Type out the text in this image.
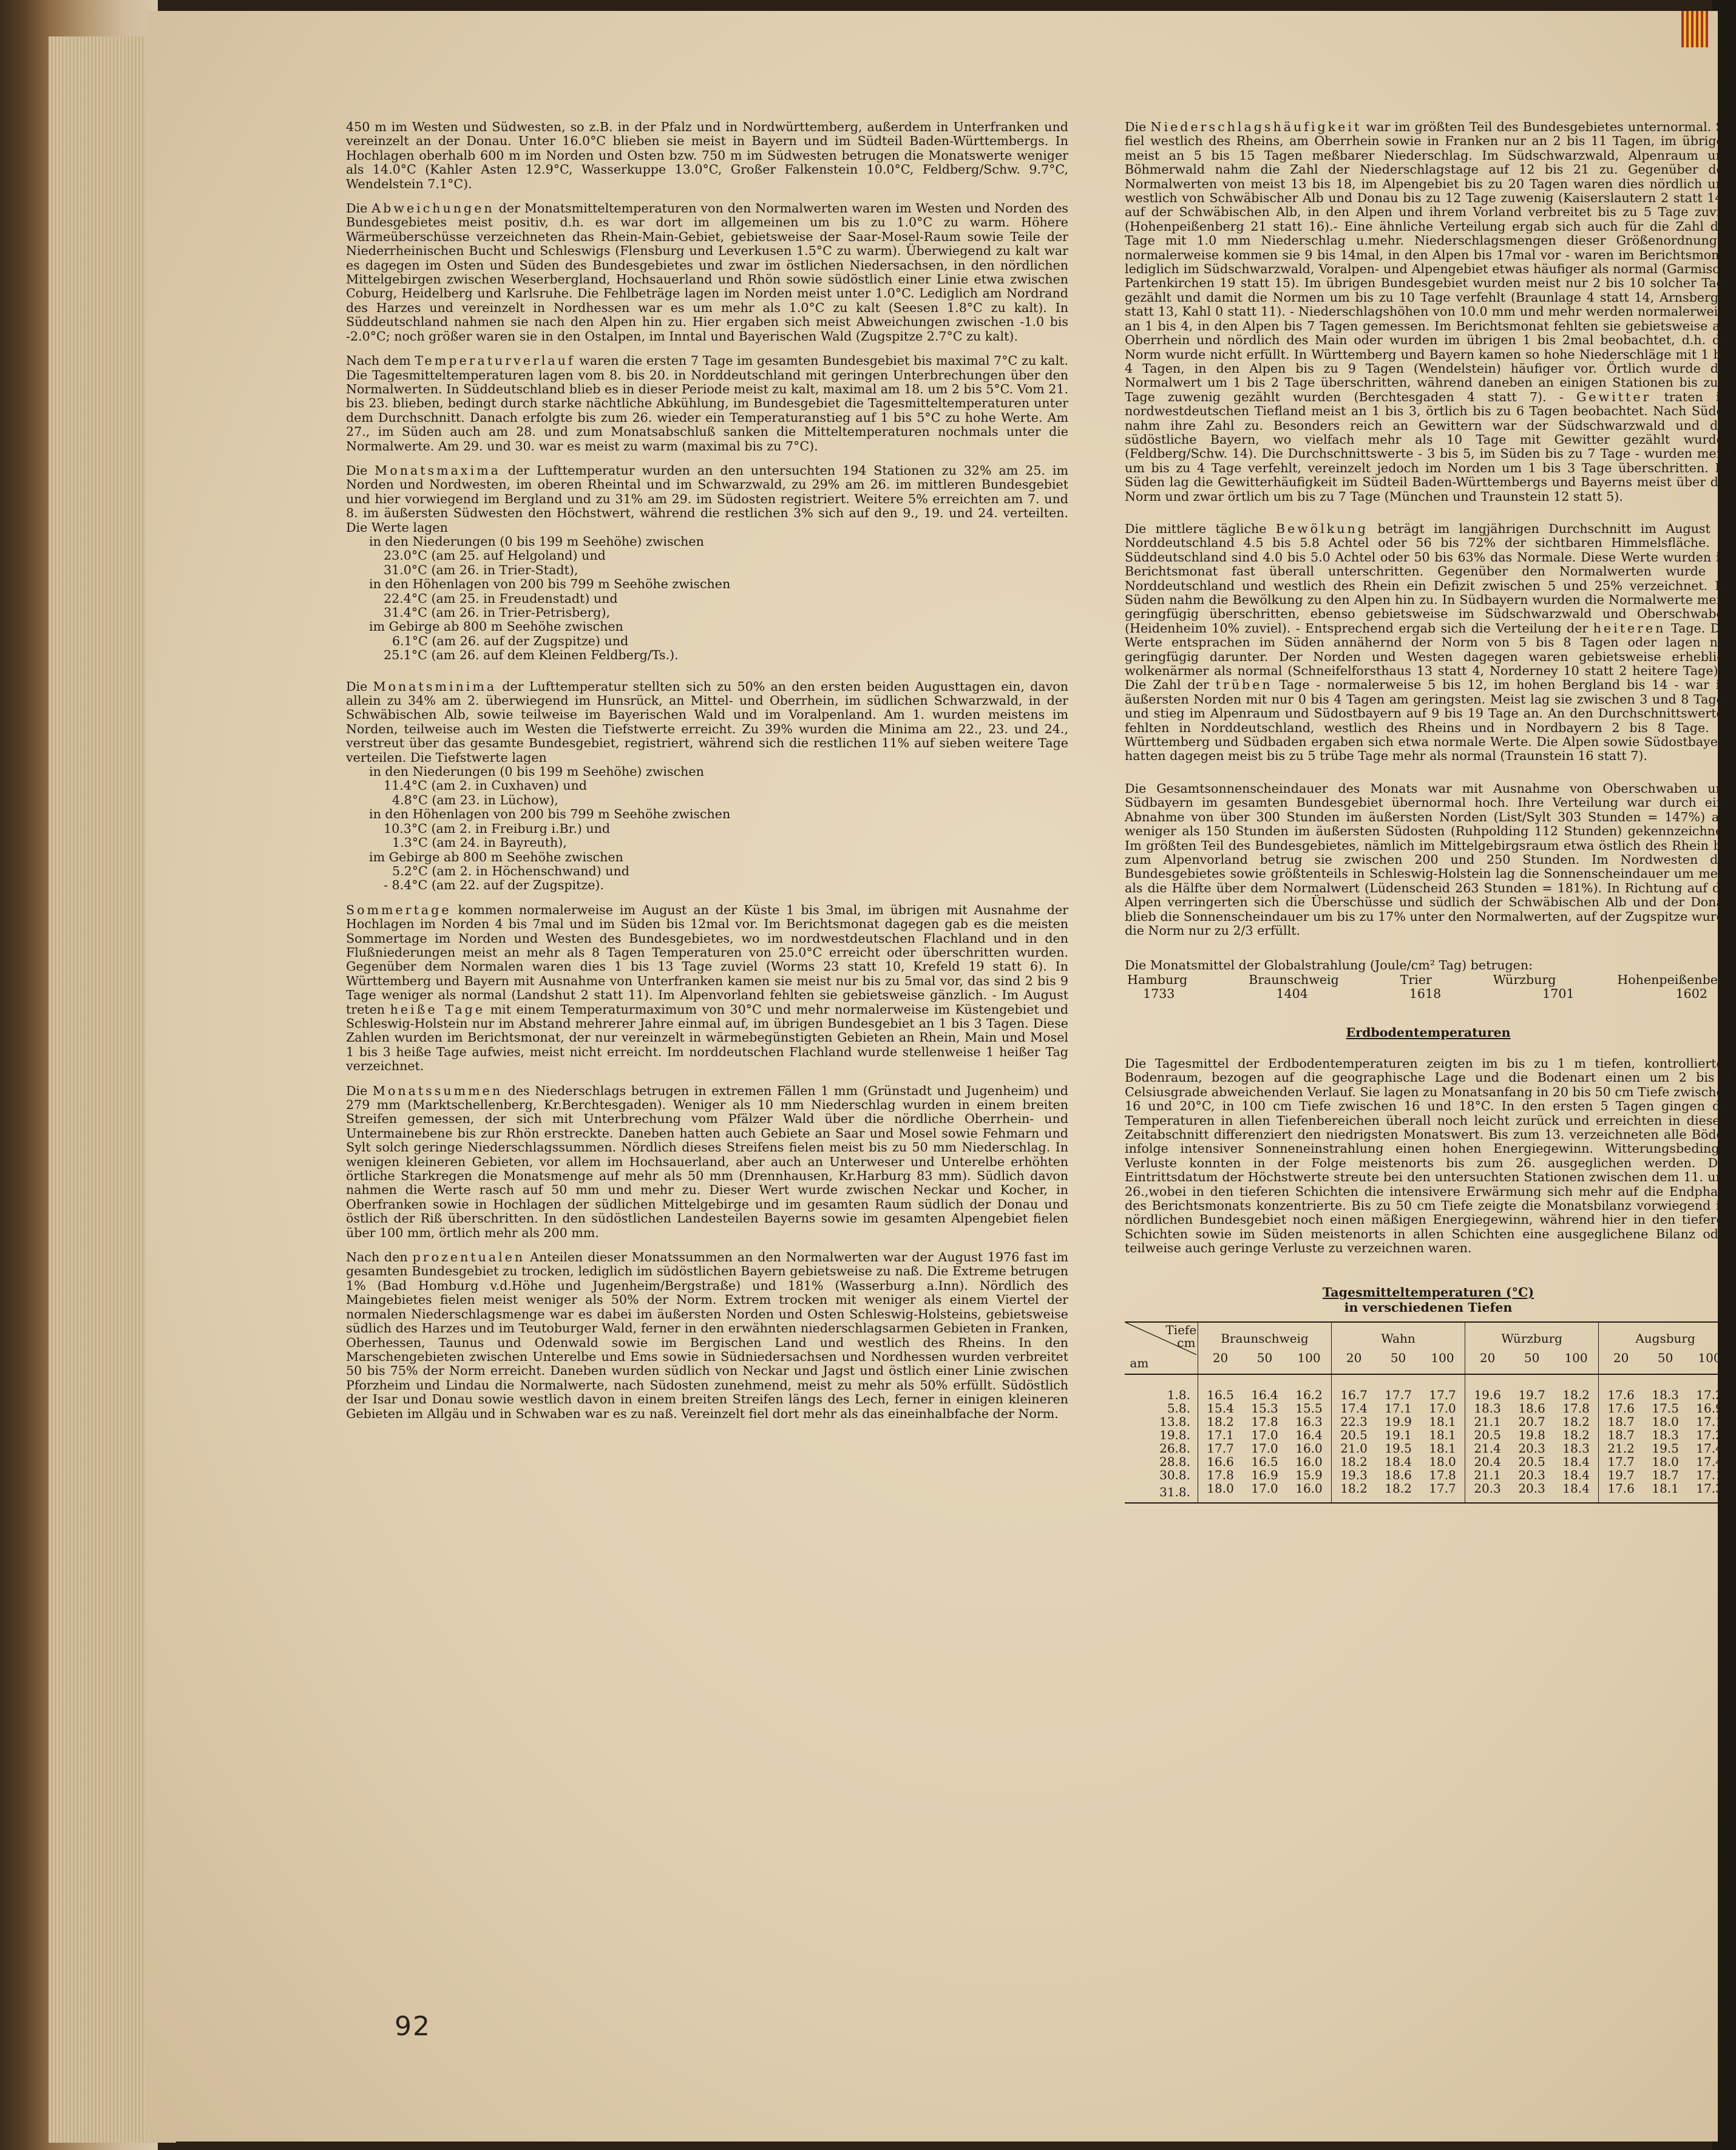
450 m im Westen und Südwesten, so z.B. in der Pfalz und in Nordwürttemberg, außerdem in Unterfranken und vereinzelt an der Donau. Unter 16.0°C blieben sie meist in Bayern und im Südteil Baden-Württembergs. In Hochlagen oberhalb 600 m im Norden und Osten bzw. 750 m im Südwesten betrugen die Monatswerte weniger als 14.0°C (Kahler Asten 12.9°C, Wasserkuppe 13.0°C, Großer Falkenstein 10.0°C, Feldberg/Schw. 9.7°C, Wendelstein 7.1°C).

Die Abweichungen der Monatsmitteltemperaturen von den Normalwerten waren im Westen und Norden des Bundesgebietes meist positiv, d.h. es war dort im allgemeinen um bis zu 1.0°C zu warm. Höhere Wärmeüberschüsse verzeichneten das Rhein-Main-Gebiet, gebietsweise der Saar-Mosel-Raum sowie Teile der Niederrheinischen Bucht und Schleswigs (Flensburg und Leverkusen 1.5°C zu warm). Überwiegend zu kalt war es dagegen im Osten und Süden des Bundesgebietes und zwar im östlichen Niedersachsen, in den nördlichen Mittelgebirgen zwischen Weserbergland, Hochsauerland und Rhön sowie südöstlich einer Linie etwa zwischen Coburg, Heidelberg und Karlsruhe. Die Fehlbeträge lagen im Norden meist unter 1.0°C. Lediglich am Nordrand des Harzes und vereinzelt in Nordhessen war es um mehr als 1.0°C zu kalt (Seesen 1.8°C zu kalt). In Süddeutschland nahmen sie nach den Alpen hin zu. Hier ergaben sich meist Abweichungen zwischen -1.0 bis -2.0°C; noch größer waren sie in den Ostalpen, im Inntal und Bayerischen Wald (Zugspitze 2.7°C zu kalt).

Nach dem Temperaturverlauf waren die ersten 7 Tage im gesamten Bundesgebiet bis maximal 7°C zu kalt. Die Tagesmitteltemperaturen lagen vom 8. bis 20. in Norddeutschland mit geringen Unterbrechungen über den Normalwerten. In Süddeutschland blieb es in dieser Periode meist zu kalt, maximal am 18. um 2 bis 5°C. Vom 21. bis 23. blieben, bedingt durch starke nächtliche Abkühlung, im Bundesgebiet die Tagesmitteltemperaturen unter dem Durchschnitt. Danach erfolgte bis zum 26. wieder ein Temperaturanstieg auf 1 bis 5°C zu hohe Werte. Am 27., im Süden auch am 28. und zum Monatsabschluß sanken die Mitteltemperaturen nochmals unter die Normalwerte. Am 29. und 30. war es meist zu warm (maximal bis zu 7°C).

Die Monatsmaxima der Lufttemperatur wurden an den untersuchten 194 Stationen zu 32% am 25. im Norden und Nordwesten, im oberen Rheintal und im Schwarzwald, zu 29% am 26. im mittleren Bundesgebiet und hier vorwiegend im Bergland und zu 31% am 29. im Südosten registriert. Weitere 5% erreichten am 7. und 8. im äußersten Südwesten den Höchstwert, während die restlichen 3% sich auf den 9., 19. und 24. verteilten. Die Werte lagen
in den Niederungen (0 bis 199 m Seehöhe) zwischen
23.0°C (am 25. auf Helgoland) und
31.0°C (am 26. in Trier-Stadt),
in den Höhenlagen von 200 bis 799 m Seehöhe zwischen
22.4°C (am 25. in Freudenstadt) und
31.4°C (am 26. in Trier-Petrisberg),
im Gebirge ab 800 m Seehöhe zwischen
6.1°C (am 26. auf der Zugspitze) und
25.1°C (am 26. auf dem Kleinen Feldberg/Ts.).

Die Monatsminima der Lufttemperatur stellten sich zu 50% an den ersten beiden Augusttagen ein, davon allein zu 34% am 2. überwiegend im Hunsrück, an Mittel- und Oberrhein, im südlichen Schwarzwald, in der Schwäbischen Alb, sowie teilweise im Bayerischen Wald und im Voralpenland. Am 1. wurden meistens im Norden, teilweise auch im Westen die Tiefstwerte erreicht. Zu 39% wurden die Minima am 22., 23. und 24., verstreut über das gesamte Bundesgebiet, registriert, während sich die restlichen 11% auf sieben weitere Tage verteilen. Die Tiefstwerte lagen
in den Niederungen (0 bis 199 m Seehöhe) zwischen
11.4°C (am 2. in Cuxhaven) und
4.8°C (am 23. in Lüchow),
in den Höhenlagen von 200 bis 799 m Seehöhe zwischen
10.3°C (am 2. in Freiburg i.Br.) und
1.3°C (am 24. in Bayreuth),
im Gebirge ab 800 m Seehöhe zwischen
5.2°C (am 2. in Höchenschwand) und
- 8.4°C (am 22. auf der Zugspitze).

Sommertage kommen normalerweise im August an der Küste 1 bis 3mal, im übrigen mit Ausnahme der Hochlagen im Norden 4 bis 7mal und im Süden bis 12mal vor. Im Berichtsmonat dagegen gab es die meisten Sommertage im Norden und Westen des Bundesgebietes, wo im nordwestdeutschen Flachland und in den Flußniederungen meist an mehr als 8 Tagen Temperaturen von 25.0°C erreicht oder überschritten wurden. Gegenüber dem Normalen waren dies 1 bis 13 Tage zuviel (Worms 23 statt 10, Krefeld 19 statt 6). In Württemberg und Bayern mit Ausnahme von Unterfranken kamen sie meist nur bis zu 5mal vor, das sind 2 bis 9 Tage weniger als normal (Landshut 2 statt 11). Im Alpenvorland fehlten sie gebietsweise gänzlich. - Im August treten heiße Tage mit einem Temperaturmaximum von 30°C und mehr normalerweise im Küstengebiet und Schleswig-Holstein nur im Abstand mehrerer Jahre einmal auf, im übrigen Bundesgebiet an 1 bis 3 Tagen. Diese Zahlen wurden im Berichtsmonat, der nur vereinzelt in wärmebegünstigten Gebieten an Rhein, Main und Mosel 1 bis 3 heiße Tage aufwies, meist nicht erreicht. Im norddeutschen Flachland wurde stellenweise 1 heißer Tag verzeichnet.

Die Monatssummen des Niederschlags betrugen in extremen Fällen 1 mm (Grünstadt und Jugenheim) und 279 mm (Marktschellenberg, Kr.Berchtesgaden). Weniger als 10 mm Niederschlag wurden in einem breiten Streifen gemessen, der sich mit Unterbrechung vom Pfälzer Wald über die nördliche Oberrhein- und Untermainebene bis zur Rhön erstreckte. Daneben hatten auch Gebiete an Saar und Mosel sowie Fehmarn und Sylt solch geringe Niederschlagssummen. Nördlich dieses Streifens fielen meist bis zu 50 mm Niederschlag. In wenigen kleineren Gebieten, vor allem im Hochsauerland, aber auch an Unterweser und Unterelbe erhöhten örtliche Starkregen die Monatsmenge auf mehr als 50 mm (Drennhausen, Kr.Harburg 83 mm). Südlich davon nahmen die Werte rasch auf 50 mm und mehr zu. Dieser Wert wurde zwischen Neckar und Kocher, in Oberfranken sowie in Hochlagen der südlichen Mittelgebirge und im gesamten Raum südlich der Donau und östlich der Riß überschritten. In den südöstlichen Landesteilen Bayerns sowie im gesamten Alpengebiet fielen über 100 mm, örtlich mehr als 200 mm.

Nach den prozentualen Anteilen dieser Monatssummen an den Normalwerten war der August 1976 fast im gesamten Bundesgebiet zu trocken, lediglich im südöstlichen Bayern gebietsweise zu naß. Die Extreme betrugen 1% (Bad Homburg v.d.Höhe und Jugenheim/Bergstraße) und 181% (Wasserburg a.Inn). Nördlich des Maingebietes fielen meist weniger als 50% der Norm. Extrem trocken mit weniger als einem Viertel der normalen Niederschlagsmenge war es dabei im äußersten Norden und Osten Schleswig-Holsteins, gebietsweise südlich des Harzes und im Teutoburger Wald, ferner in den erwähnten niederschlagsarmen Gebieten in Franken, Oberhessen, Taunus und Odenwald sowie im Bergischen Land und westlich des Rheins. In den Marschengebieten zwischen Unterelbe und Ems sowie in Südniedersachsen und Nordhessen wurden verbreitet 50 bis 75% der Norm erreicht. Daneben wurden südlich von Neckar und Jagst und östlich einer Linie zwischen Pforzheim und Lindau die Normalwerte, nach Südosten zunehmend, meist zu mehr als 50% erfüllt. Südöstlich der Isar und Donau sowie westlich davon in einem breiten Streifen längs des Lech, ferner in einigen kleineren Gebieten im Allgäu und in Schwaben war es zu naß. Vereinzelt fiel dort mehr als das eineinhalbfache der Norm.

Die Niederschlagshäufigkeit war im größten Teil des Bundesgebietes unternormal. So fiel westlich des Rheins, am Oberrhein sowie in Franken nur an 2 bis 11 Tagen, im übrigen meist an 5 bis 15 Tagen meßbarer Niederschlag. Im Südschwarzwald, Alpenraum und Böhmerwald nahm die Zahl der Niederschlagstage auf 12 bis 21 zu. Gegenüber den Normalwerten von meist 13 bis 18, im Alpengebiet bis zu 20 Tagen waren dies nördlich und westlich von Schwäbischer Alb und Donau bis zu 12 Tage zuwenig (Kaiserslautern 2 statt 14), auf der Schwäbischen Alb, in den Alpen und ihrem Vorland verbreitet bis zu 5 Tage zuviel (Hohenpeißenberg 21 statt 16).- Eine ähnliche Verteilung ergab sich auch für die Zahl der Tage mit 1.0 mm Niederschlag u.mehr. Niederschlagsmengen dieser Größenordnung - normalerweise kommen sie 9 bis 14mal, in den Alpen bis 17mal vor - waren im Berichtsmonat lediglich im Südschwarzwald, Voralpen- und Alpengebiet etwas häufiger als normal (Garmisch-Partenkirchen 19 statt 15). Im übrigen Bundesgebiet wurden meist nur 2 bis 10 solcher Tage gezählt und damit die Normen um bis zu 10 Tage verfehlt (Braunlage 4 statt 14, Arnsberg 3 statt 13, Kahl 0 statt 11). - Niederschlagshöhen von 10.0 mm und mehr werden normalerweise an 1 bis 4, in den Alpen bis 7 Tagen gemessen. Im Berichtsmonat fehlten sie gebietsweise am Oberrhein und nördlich des Main oder wurden im übrigen 1 bis 2mal beobachtet, d.h. die Norm wurde nicht erfüllt. In Württemberg und Bayern kamen so hohe Niederschläge mit 1 bis 4 Tagen, in den Alpen bis zu 9 Tagen (Wendelstein) häufiger vor. Örtlich wurde der Normalwert um 1 bis 2 Tage überschritten, während daneben an einigen Stationen bis zu 3 Tage zuwenig gezählt wurden (Berchtesgaden 4 statt 7). - Gewitter traten im nordwestdeutschen Tiefland meist an 1 bis 3, örtlich bis zu 6 Tagen beobachtet. Nach Süden nahm ihre Zahl zu. Besonders reich an Gewittern war der Südschwarzwald und das südöstliche Bayern, wo vielfach mehr als 10 Tage mit Gewitter gezählt wurden (Feldberg/Schw. 14). Die Durchschnittswerte - 3 bis 5, im Süden bis zu 7 Tage - wurden meist um bis zu 4 Tage verfehlt, vereinzelt jedoch im Norden um 1 bis 3 Tage überschritten. Im Süden lag die Gewitterhäufigkeit im Südteil Baden-Württembergs und Bayerns meist über der Norm und zwar örtlich um bis zu 7 Tage (München und Traunstein 12 statt 5).

Die mittlere tägliche Bewölkung beträgt im langjährigen Durchschnitt im August in Norddeutschland 4.5 bis 5.8 Achtel oder 56 bis 72% der sichtbaren Himmelsfläche. In Süddeutschland sind 4.0 bis 5.0 Achtel oder 50 bis 63% das Normale. Diese Werte wurden im Berichtsmonat fast überall unterschritten. Gegenüber den Normalwerten wurde in Norddeutschland und westlich des Rhein ein Defizit zwischen 5 und 25% verzeichnet. Im Süden nahm die Bewölkung zu den Alpen hin zu. In Südbayern wurden die Normalwerte meist geringfügig überschritten, ebenso gebietsweise im Südschwarzwald und Oberschwaben (Heidenheim 10% zuviel). - Entsprechend ergab sich die Verteilung der heiteren Tage. Die Werte entsprachen im Süden annähernd der Norm von 5 bis 8 Tagen oder lagen nur geringfügig darunter. Der Norden und Westen dagegen waren gebietsweise erheblich wolkenärmer als normal (Schneifelforsthaus 13 statt 4, Norderney 10 statt 2 heitere Tage). - Die Zahl der trüben Tage - normalerweise 5 bis 12, im hohen Bergland bis 14 - war im äußersten Norden mit nur 0 bis 4 Tagen am geringsten. Meist lag sie zwischen 3 und 8 Tagen und stieg im Alpenraum und Südostbayern auf 9 bis 19 Tage an. An den Durchschnittswerten fehlten in Norddeutschland, westlich des Rheins und in Nordbayern 2 bis 8 Tage. In Württemberg und Südbaden ergaben sich etwa normale Werte. Die Alpen sowie Südostbayern hatten dagegen meist bis zu 5 trübe Tage mehr als normal (Traunstein 16 statt 7).

Die Gesamtsonnenscheindauer des Monats war mit Ausnahme von Oberschwaben und Südbayern im gesamten Bundesgebiet übernormal hoch. Ihre Verteilung war durch eine Abnahme von über 300 Stunden im äußersten Norden (List/Sylt 303 Stunden = 147%) auf weniger als 150 Stunden im äußersten Südosten (Ruhpolding 112 Stunden) gekennzeichnet. Im größten Teil des Bundesgebietes, nämlich im Mittelgebirgsraum etwa östlich des Rhein bis zum Alpenvorland betrug sie zwischen 200 und 250 Stunden. Im Nordwesten des Bundesgebietes sowie größtenteils in Schleswig-Holstein lag die Sonnenscheindauer um mehr als die Hälfte über dem Normalwert (Lüdenscheid 263 Stunden = 181%). In Richtung auf die Alpen verringerten sich die Überschüsse und südlich der Schwäbischen Alb und der Donau blieb die Sonnenscheindauer um bis zu 17% unter den Normalwerten, auf der Zugspitze wurde die Norm nur zu 2/3 erfüllt.

Die Monatsmittel der Globalstrahlung (Joule/cm² Tag) betrugen:
Hamburg	Braunschweig	Trier	Würzburg	Hohenpeißenberg
1733	1404	1618	1701	1602
Erdbodentemperaturen

Die Tagesmittel der Erdbodentemperaturen zeigten im bis zu 1 m tiefen, kontrollierten Bodenraum, bezogen auf die geographische Lage und die Bodenart einen um 2 bis 4 Celsiusgrade abweichenden Verlauf. Sie lagen zu Monatsanfang in 20 bis 50 cm Tiefe zwischen 16 und 20°C, in 100 cm Tiefe zwischen 16 und 18°C. In den ersten 5 Tagen gingen die Temperaturen in allen Tiefenbereichen überall noch leicht zurück und erreichten in diesem Zeitabschnitt differenziert den niedrigsten Monatswert. Bis zum 13. verzeichneten alle Böden infolge intensiver Sonneneinstrahlung einen hohen Energiegewinn. Witterungsbedingte Verluste konnten in der Folge meistenorts bis zum 26. ausgeglichen werden. Das Eintrittsdatum der Höchstwerte streute bei den untersuchten Stationen zwischen dem 11. und 26.,wobei in den tieferen Schichten die intensivere Erwärmung sich mehr auf die Endphase des Berichtsmonats konzentrierte. Bis zu 50 cm Tiefe zeigte die Monatsbilanz vorwiegend im nördlichen Bundesgebiet noch einen mäßigen Energiegewinn, während hier in den tieferen Schichten sowie im Süden meistenorts in allen Schichten eine ausgeglichene Bilanz oder teilweise auch geringe Verluste zu verzeichnen waren.

Tagesmitteltemperaturen (°C)
in verschiedenen Tiefen
Tiefe
cm
am	Braunschweig			Wahn			Würzburg			Augsburg		
	20	50	100	20	50	100	20	50	100	20	50	100
1.8.	16.5	16.4	16.2	16.7	17.7	17.7	19.6	19.7	18.2	17.6	18.3	17.2
5.8.	15.4	15.3	15.5	17.4	17.1	17.0	18.3	18.6	17.8	17.6	17.5	16.9
13.8.	18.2	17.8	16.3	22.3	19.9	18.1	21.1	20.7	18.2	18.7	18.0	17.1
19.8.	17.1	17.0	16.4	20.5	19.1	18.1	20.5	19.8	18.2	18.7	18.3	17.2
26.8.	17.7	17.0	16.0	21.0	19.5	18.1	21.4	20.3	18.3	21.2	19.5	17.4
28.8.	16.6	16.5	16.0	18.2	18.4	18.0	20.4	20.5	18.4	17.7	18.0	17.4
30.8.	17.8	16.9	15.9	19.3	18.6	17.8	21.1	20.3	18.4	19.7	18.7	17.1
31.8.	18.0	17.0	16.0	18.2	18.2	17.7	20.3	20.3	18.4	17.6	18.1	17.3
92
